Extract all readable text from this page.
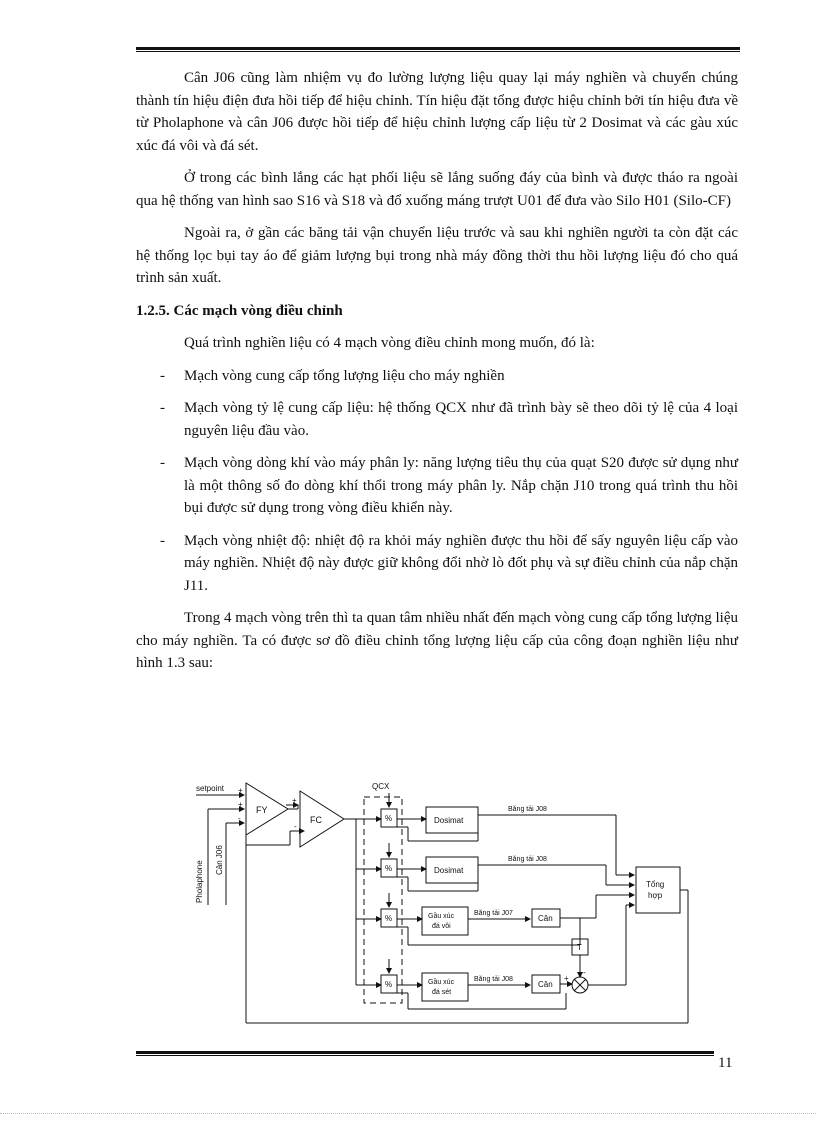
Cân J06 cũng làm nhiệm vụ đo lường lượng liệu quay lại máy nghiền và chuyển chúng thành tín hiệu điện đưa hồi tiếp để hiệu chỉnh. Tín hiệu đặt tổng được hiệu chỉnh bởi tín hiệu đưa về từ Pholaphone và cân J06 được hồi tiếp để hiệu chỉnh lượng cấp liệu từ 2 Dosimat và các gàu xúc xúc đá vôi và đá sét.

Ở trong các bình lắng các hạt phối liệu sẽ lắng suống đáy của bình và được tháo ra ngoài qua hệ thống van hình sao S16 và S18 và đổ xuống máng trượt U01 để đưa vào Silo H01 (Silo-CF)

Ngoài ra, ở gần các băng tải vận chuyển liệu trước và sau khi nghiền người ta còn đặt các hệ thống lọc bụi tay áo để giảm lượng bụi trong nhà máy đồng thời thu hồi lượng liệu đó cho quá trình sản xuất.

1.2.5. Các mạch vòng điều chỉnh

Quá trình nghiền liệu có 4 mạch vòng điều chỉnh mong muốn, đó là:

- Mạch vòng cung cấp tổng lượng liệu cho máy nghiền
- Mạch vòng tỷ lệ cung cấp liệu: hệ thống QCX như đã trình bày sẽ theo dõi tỷ lệ của 4 loại nguyên liệu đầu vào.
- Mạch vòng dòng khí vào máy phân ly: năng lượng tiêu thụ của quạt S20 được sử dụng như là một thông số đo dòng khí thổi trong máy phân ly. Nắp chặn J10 trong quá trình thu hồi bụi được sử dụng trong vòng điều khiển này.
- Mạch vòng nhiệt độ: nhiệt độ ra khỏi máy nghiền được thu hồi để sấy nguyên liệu cấp vào máy nghiền. Nhiệt độ này được giữ không đổi nhờ lò đốt phụ và sự điều chỉnh của nắp chặn J11.

Trong 4 mạch vòng trên thì ta quan tâm nhiều nhất đến mạch vòng cung cấp tổng lượng liệu cho máy nghiền. Ta có được sơ đồ điều chỉnh tổng lượng liệu cấp của công đoạn nghiền liệu như hình 1.3 sau:

setpoint
Pholaphone
Cân J06
FY
FC
+
+
-
+
-
QCX
%
%
%
%
Dosimat
Dosimat
Băng tải J08
Băng tải J08
Băng tải J07
Băng tải J08
Gầu xúc
đá vôi
Gầu xúc
đá sét
Cân
Cân
T
+
-
Tổng
hợp
11
